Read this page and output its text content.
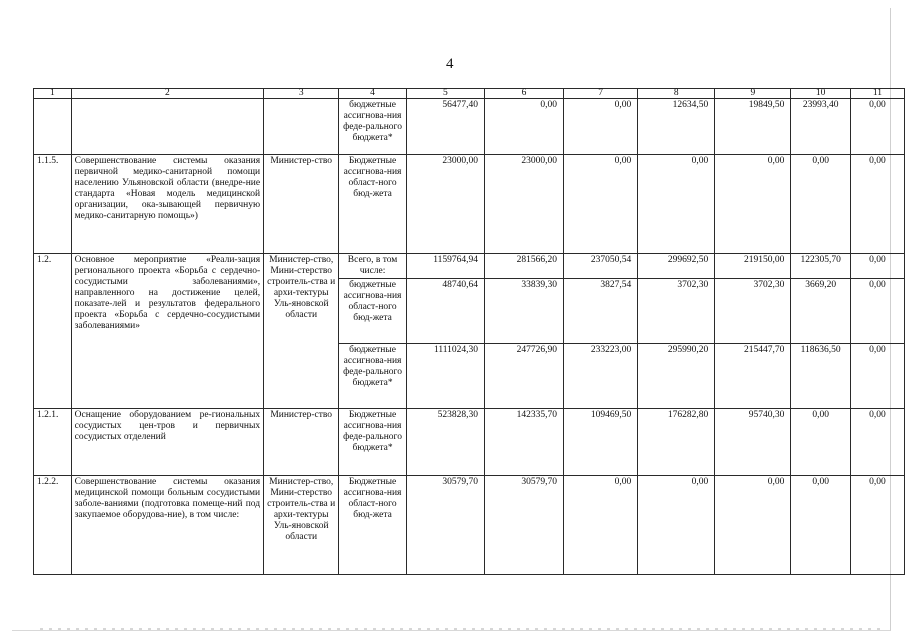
4
1	2	3	4	5	6	7	8	9	10	11
			бюджетные ассигнова-ния феде-рального бюджета*	56477,40	0,00	0,00	12634,50	19849,50	23993,40	0,00
1.1.5.	Совершенствование системы оказания первичной медико-санитарной помощи населению Ульяновской области (внедре-ние стандарта «Новая модель медицинской организации, ока-зывающей первичную медико-санитарную помощь»)	Министер-ство	Бюджетные ассигнова-ния област-ного бюд-жета	23000,00	23000,00	0,00	0,00	0,00	0,00	0,00
1.2.	Основное мероприятие «Реали-зация регионального проекта «Борьба с сердечно-сосудистыми заболеваниями», направленного на достижение целей, показате-лей и результатов федерального проекта «Борьба с сердечно-сосудистыми заболеваниями»	Министер-ство, Мини-стерство строитель-ства и архи-тектуры Уль-яновской области	Всего, в том числе:	1159764,94	281566,20	237050,54	299692,50	219150,00	122305,70	0,00
			бюджетные ассигнова-ния област-ного бюд-жета	48740,64	33839,30	3827,54	3702,30	3702,30	3669,20	0,00
			бюджетные ассигнова-ния феде-рального бюджета*	1111024,30	247726,90	233223,00	295990,20	215447,70	118636,50	0,00
1.2.1.	Оснащение оборудованием ре-гиональных сосудистых цен-тров и первичных сосудистых отделений	Министер-ство	Бюджетные ассигнова-ния феде-рального бюджета*	523828,30	142335,70	109469,50	176282,80	95740,30	0,00	0,00
1.2.2.	Совершенствование системы оказания медицинской помощи больным сосудистыми заболе-ваниями (подготовка помеще-ний под закупаемое оборудова-ние), в том числе:	Министер-ство, Мини-стерство строитель-ства и архи-тектуры Уль-яновской области	Бюджетные ассигнова-ния област-ного бюд-жета	30579,70	30579,70	0,00	0,00	0,00	0,00	0,00
